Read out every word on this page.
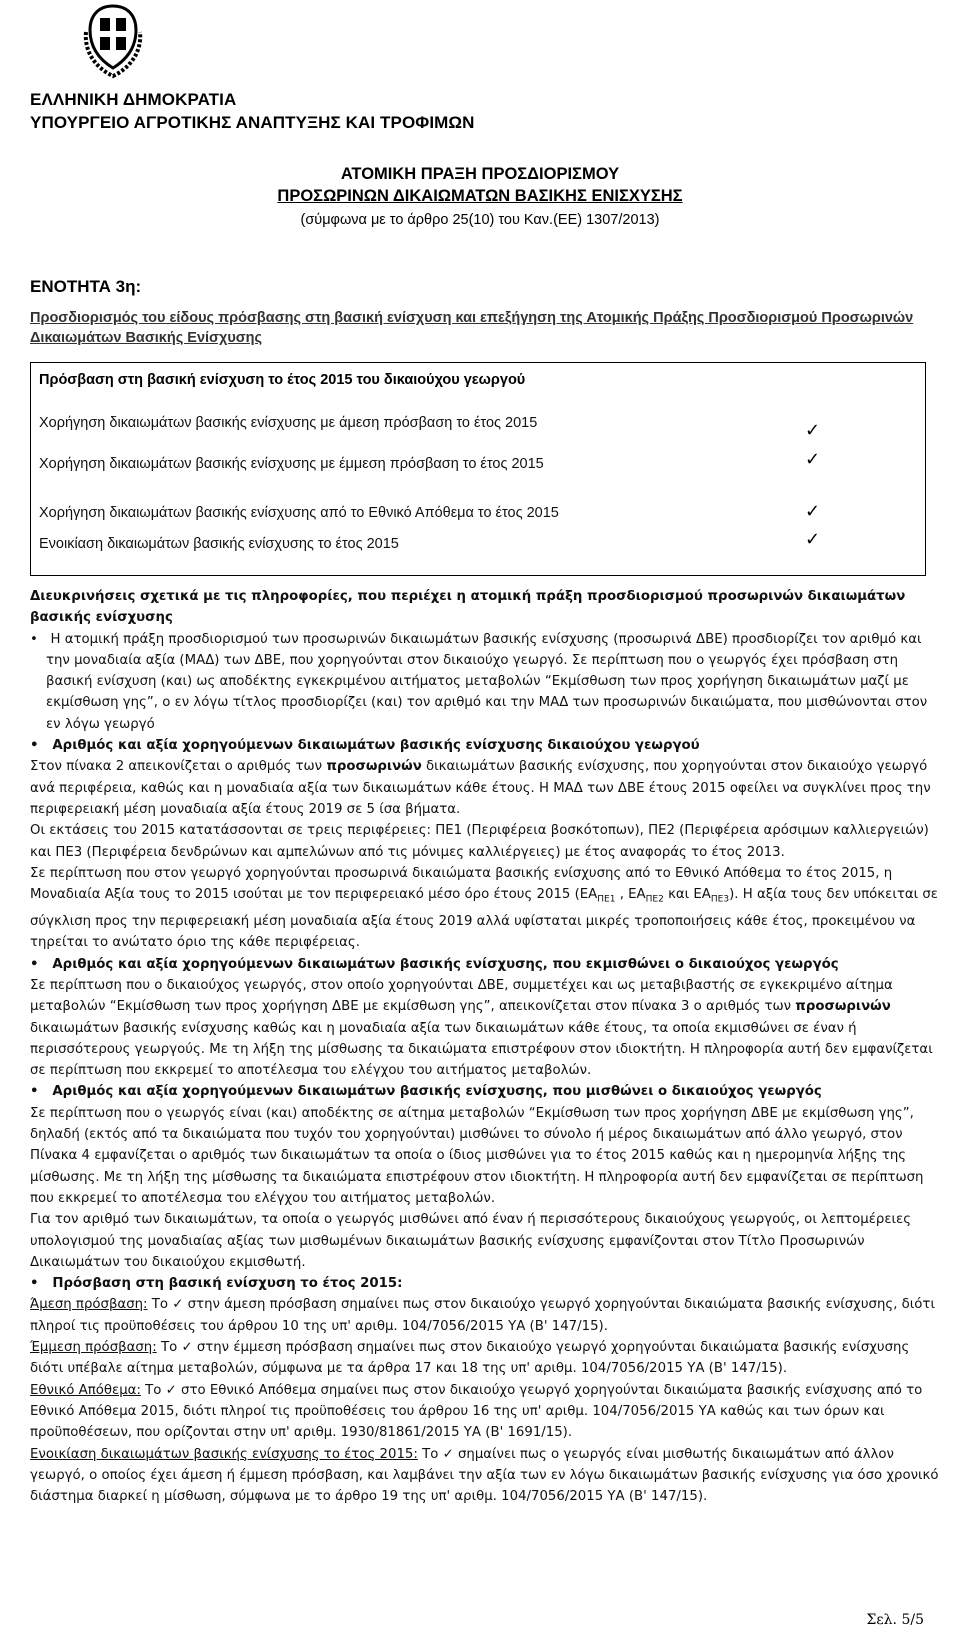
ΕΛΛΗΝΙΚΗ ΔΗΜΟΚΡΑΤΙΑ
ΥΠΟΥΡΓΕΙΟ ΑΓΡΟΤΙΚΗΣ ΑΝΑΠΤΥΞΗΣ ΚΑΙ ΤΡΟΦΙΜΩΝ
ΑΤΟΜΙΚΗ ΠΡΑΞΗ ΠΡΟΣΔΙΟΡΙΣΜΟΥ
ΠΡΟΣΩΡΙΝΩΝ ΔΙΚΑΙΩΜΑΤΩΝ ΒΑΣΙΚΗΣ ΕΝΙΣΧΥΣΗΣ
(σύμφωνα με το άρθρο 25(10) του Καν.(ΕΕ) 1307/2013)
ΕΝΟΤΗΤΑ 3η:
Προσδιορισμός του είδους πρόσβασης στη βασική ενίσχυση και επεξήγηση της Ατομικής Πράξης Προσδιορισμού Προσωρινών Δικαιωμάτων Βασικής Ενίσχυσης
Πρόσβαση στη βασική ενίσχυση το έτος 2015 του δικαιούχου γεωργού
Χορήγηση δικαιωμάτων βασικής ενίσχυσης με άμεση πρόσβαση το έτος 2015	✓
Χορήγηση δικαιωμάτων βασικής ενίσχυσης με έμμεση πρόσβαση το έτος 2015	✓
Χορήγηση δικαιωμάτων βασικής ενίσχυσης από το Εθνικό Απόθεμα το έτος 2015	✓
Ενοικίαση δικαιωμάτων βασικής ενίσχυσης το έτος 2015	✓

Διευκρινήσεις σχετικά με τις πληροφορίες, που περιέχει η ατομική πράξη προσδιορισμού προσωρινών δικαιωμάτων βασικής ενίσχυσης

•   Η ατομική πράξη προσδιορισμού των προσωρινών δικαιωμάτων βασικής ενίσχυσης (προσωρινά ΔΒΕ) προσδιορίζει τον αριθμό και την μοναδιαία αξία (ΜΑΔ) των ΔΒΕ, που χορηγούνται στον δικαιούχο γεωργό. Σε περίπτωση που ο γεωργός έχει πρόσβαση στη βασική ενίσχυση (και) ως αποδέκτης εγκεκριμένου αιτήματος μεταβολών “Εκμίσθωση των προς χορήγηση δικαιωμάτων μαζί με εκμίσθωση γης”, ο εν λόγω τίτλος προσδιορίζει (και) τον αριθμό και την ΜΑΔ των προσωρινών δικαιώματα, που μισθώνονται στον εν λόγω γεωργό

•   Αριθμός και αξία χορηγούμενων δικαιωμάτων βασικής ενίσχυσης δικαιούχου γεωργού

Στον πίνακα 2 απεικονίζεται ο αριθμός των προσωρινών δικαιωμάτων βασικής ενίσχυσης, που χορηγούνται στον δικαιούχο γεωργό ανά περιφέρεια, καθώς και η μοναδιαία αξία των δικαιωμάτων κάθε έτους. Η ΜΑΔ των ΔΒΕ έτους 2015 οφείλει να συγκλίνει προς την περιφερειακή μέση μοναδιαία αξία έτους 2019 σε 5 ίσα βήματα.

Οι εκτάσεις του 2015 κατατάσσονται σε τρεις περιφέρειες: ΠΕ1 (Περιφέρεια βοσκότοπων), ΠΕ2 (Περιφέρεια αρόσιμων καλλιεργειών) και ΠΕ3 (Περιφέρεια δενδρώνων και αμπελώνων από τις μόνιμες καλλιέργειες) με έτος αναφοράς το έτος 2013.

Σε περίπτωση που στον γεωργό χορηγούνται προσωρινά δικαιώματα βασικής ενίσχυσης από το Εθνικό Απόθεμα το έτος 2015, η Μοναδιαία Αξία τους το 2015 ισούται με τον περιφερειακό μέσο όρο έτους 2015 ($EA_{\Pi E1}$ , $EA_{\Pi E2}$ και $EA_{\Pi E3}$). Η αξία τους δεν υπόκειται σε σύγκλιση προς την περιφερειακή μέση μοναδιαία αξία έτους 2019 αλλά υφίσταται μικρές τροποποιήσεις κάθε έτος, προκειμένου να τηρείται το ανώτατο όριο της κάθε περιφέρειας.

•   Αριθμός και αξία χορηγούμενων δικαιωμάτων βασικής ενίσχυσης, που εκμισθώνει ο δικαιούχος γεωργός

Σε περίπτωση που ο δικαιούχος γεωργός, στον οποίο χορηγούνται ΔΒΕ, συμμετέχει και ως μεταβιβαστής σε εγκεκριμένο αίτημα μεταβολών “Εκμίσθωση των προς χορήγηση ΔΒΕ με εκμίσθωση γης”, απεικονίζεται στον πίνακα 3 ο αριθμός των προσωρινών δικαιωμάτων βασικής ενίσχυσης καθώς και η μοναδιαία αξία των δικαιωμάτων κάθε έτους, τα οποία εκμισθώνει σε έναν ή περισσότερους γεωργούς. Με τη λήξη της μίσθωσης τα δικαιώματα επιστρέφουν στον ιδιοκτήτη. Η πληροφορία αυτή δεν εμφανίζεται σε περίπτωση που εκκρεμεί το αποτέλεσμα του ελέγχου του αιτήματος μεταβολών.

•   Αριθμός και αξία χορηγούμενων δικαιωμάτων βασικής ενίσχυσης, που μισθώνει ο δικαιούχος γεωργός

Σε περίπτωση που ο γεωργός είναι (και) αποδέκτης σε αίτημα μεταβολών “Εκμίσθωση των προς χορήγηση ΔΒΕ με εκμίσθωση γης”, δηλαδή (εκτός από τα δικαιώματα που τυχόν του χορηγούνται) μισθώνει το σύνολο ή μέρος δικαιωμάτων από άλλο γεωργό, στον Πίνακα 4 εμφανίζεται ο αριθμός των δικαιωμάτων τα οποία ο ίδιος μισθώνει για το έτος 2015 καθώς και η ημερομηνία λήξης της μίσθωσης. Με τη λήξη της μίσθωσης τα δικαιώματα επιστρέφουν στον ιδιοκτήτη. Η πληροφορία αυτή δεν εμφανίζεται σε περίπτωση που εκκρεμεί το αποτέλεσμα του ελέγχου του αιτήματος μεταβολών.

Για τον αριθμό των δικαιωμάτων, τα οποία ο γεωργός μισθώνει από έναν ή περισσότερους δικαιούχους γεωργούς, οι λεπτομέρειες υπολογισμού της μοναδιαίας αξίας των μισθωμένων δικαιωμάτων βασικής ενίσχυσης εμφανίζονται στον Τίτλο Προσωρινών Δικαιωμάτων του δικαιούχου εκμισθωτή.

•   Πρόσβαση στη βασική ενίσχυση το έτος 2015:

Άμεση πρόσβαση: Το ✓ στην άμεση πρόσβαση σημαίνει πως στον δικαιούχο γεωργό χορηγούνται δικαιώματα βασικής ενίσχυσης, διότι πληροί τις προϋποθέσεις του άρθρου 10 της υπ' αριθμ. 104/7056/2015 ΥΑ (Β' 147/15).

Έμμεση πρόσβαση: Το ✓ στην έμμεση πρόσβαση σημαίνει πως στον δικαιούχο γεωργό χορηγούνται δικαιώματα βασικής ενίσχυσης διότι υπέβαλε αίτημα μεταβολών, σύμφωνα με τα άρθρα 17 και 18 της υπ' αριθμ. 104/7056/2015 ΥΑ (Β' 147/15).

Εθνικό Απόθεμα: Το ✓ στο Εθνικό Απόθεμα σημαίνει πως στον δικαιούχο γεωργό χορηγούνται δικαιώματα βασικής ενίσχυσης από το Εθνικό Απόθεμα 2015, διότι πληροί τις προϋποθέσεις του άρθρου 16 της υπ' αριθμ. 104/7056/2015 ΥΑ καθώς και των όρων και προϋποθέσεων, που ορίζονται στην υπ' αριθμ. 1930/81861/2015 ΥΑ (Β' 1691/15).

Ενοικίαση δικαιωμάτων βασικής ενίσχυσης το έτος 2015: Το ✓ σημαίνει πως ο γεωργός είναι μισθωτής δικαιωμάτων από άλλον γεωργό, ο οποίος έχει άμεση ή έμμεση πρόσβαση, και λαμβάνει την αξία των εν λόγω δικαιωμάτων βασικής ενίσχυσης για όσο χρονικό διάστημα διαρκεί η μίσθωση, σύμφωνα με το άρθρο 19 της υπ' αριθμ. 104/7056/2015 ΥΑ (Β' 147/15).

Σελ. 5/5
